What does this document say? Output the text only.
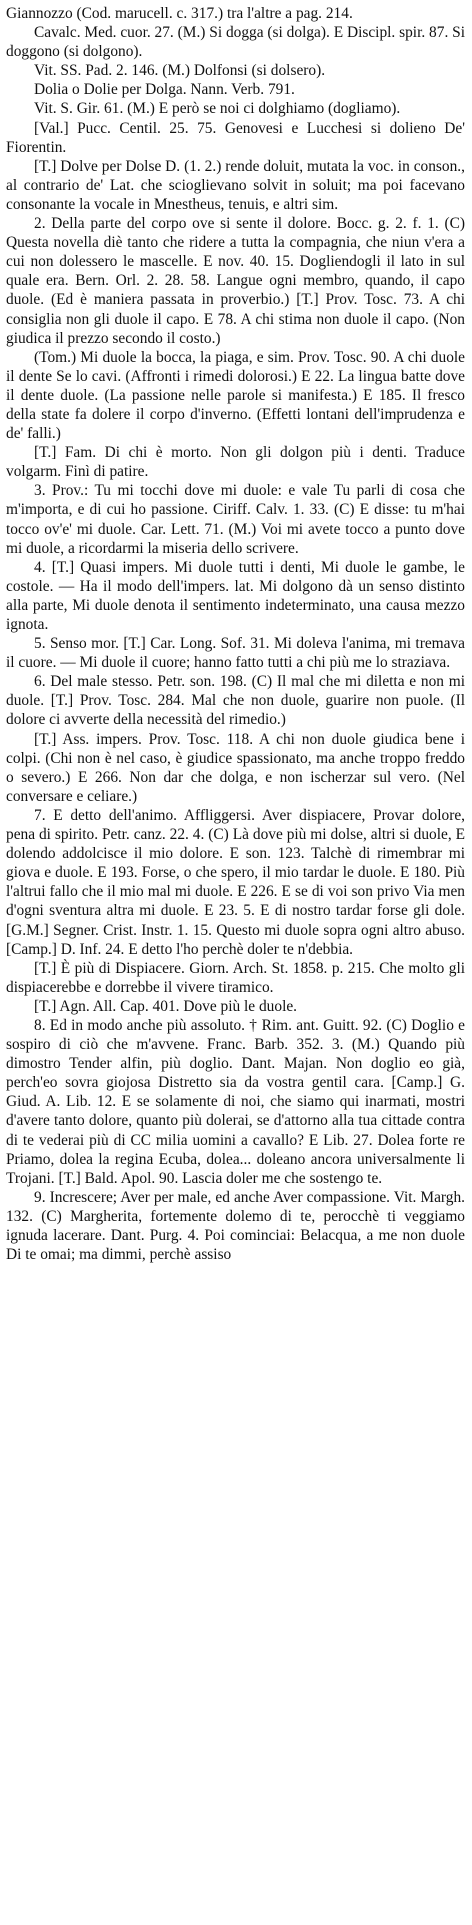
Giannozzo (Cod. marucell. c. 317.) tra l'altre a pag. 214.

Cavalc. Med. cuor. 27. (M.) Si dogga (si dolga). E Discipl. spir. 87. Si doggono (si dolgono).

Vit. SS. Pad. 2. 146. (M.) Dolfonsi (si dolsero).

Dolia o Dolie per Dolga. Nann. Verb. 791.

Vit. S. Gir. 61. (M.) E però se noi ci dolghiamo (dogliamo).

[Val.] Pucc. Centil. 25. 75. Genovesi e Lucchesi si dolieno De' Fiorentin.

[T.] Dolve per Dolse D. (1. 2.) rende doluit, mutata la voc. in conson., al contrario de' Lat. che scioglievano solvit in soluit; ma poi facevano consonante la vocale in Mnestheus, tenuis, e altri sim.

2. Della parte del corpo ove si sente il dolore. Bocc. g. 2. f. 1. (C) Questa novella diè tanto che ridere a tutta la compagnia, che niun v'era a cui non dolessero le mascelle. E nov. 40. 15. Dogliendogli il lato in sul quale era. Bern. Orl. 2. 28. 58. Langue ogni membro, quando, il capo duole. (Ed è maniera passata in proverbio.) [T.] Prov. Tosc. 73. A chi consiglia non gli duole il capo. E 78. A chi stima non duole il capo. (Non giudica il prezzo secondo il costo.)

(Tom.) Mi duole la bocca, la piaga, e sim. Prov. Tosc. 90. A chi duole il dente Se lo cavi. (Affronti i rimedi dolorosi.) E 22. La lingua batte dove il dente duole. (La passione nelle parole si manifesta.) E 185. Il fresco della state fa dolere il corpo d'inverno. (Effetti lontani dell'imprudenza e de' falli.)

[T.] Fam. Di chi è morto. Non gli dolgon più i denti. Traduce volgarm. Finì di patire.

3. Prov.: Tu mi tocchi dove mi duole: e vale Tu parli di cosa che m'importa, e di cui ho passione. Ciriff. Calv. 1. 33. (C) E disse: tu m'hai tocco ov'e' mi duole. Car. Lett. 71. (M.) Voi mi avete tocco a punto dove mi duole, a ricordarmi la miseria dello scrivere.

4. [T.] Quasi impers. Mi duole tutti i denti, Mi duole le gambe, le costole. — Ha il modo dell'impers. lat. Mi dolgono dà un senso distinto alla parte, Mi duole denota il sentimento indeterminato, una causa mezzo ignota.

5. Senso mor. [T.] Car. Long. Sof. 31. Mi doleva l'anima, mi tremava il cuore. — Mi duole il cuore; hanno fatto tutti a chi più me lo straziava.

6. Del male stesso. Petr. son. 198. (C) Il mal che mi diletta e non mi duole. [T.] Prov. Tosc. 284. Mal che non duole, guarire non puole. (Il dolore ci avverte della necessità del rimedio.)

[T.] Ass. impers. Prov. Tosc. 118. A chi non duole giudica bene i colpi. (Chi non è nel caso, è giudice spassionato, ma anche troppo freddo o severo.) E 266. Non dar che dolga, e non ischerzar sul vero. (Nel conversare e celiare.)

7. E detto dell'animo. Affliggersi. Aver dispiacere, Provar dolore, pena di spirito. Petr. canz. 22. 4. (C) Là dove più mi dolse, altri si duole, E dolendo addolcisce il mio dolore. E son. 123. Talchè di rimembrar mi giova e duole. E 193. Forse, o che spero, il mio tardar le duole. E 180. Più l'altrui fallo che il mio mal mi duole. E 226. E se di voi son privo Via men d'ogni sventura altra mi duole. E 23. 5. E di nostro tardar forse gli dole. [G.M.] Segner. Crist. Instr. 1. 15. Questo mi duole sopra ogni altro abuso. [Camp.] D. Inf. 24. E detto l'ho perchè doler te n'debbia.

[T.] È più di Dispiacere. Giorn. Arch. St. 1858. p. 215. Che molto gli dispiacerebbe e dorrebbe il vivere tiramico.

[T.] Agn. All. Cap. 401. Dove più le duole.

8. Ed in modo anche più assoluto. † Rim. ant. Guitt. 92. (C) Doglio e sospiro di ciò che m'avvene. Franc. Barb. 352. 3. (M.) Quando più dimostro Tender alfin, più doglio. Dant. Majan. Non doglio eo già, perch'eo sovra giojosa Distretto sia da vostra gentil cara. [Camp.] G. Giud. A. Lib. 12. E se solamente di noi, che siamo qui inarmati, mostri d'avere tanto dolore, quanto più dolerai, se d'attorno alla tua cittade contra di te vederai più di CC milia uomini a cavallo? E Lib. 27. Dolea forte re Priamo, dolea la regina Ecuba, dolea... doleano ancora universalmente li Trojani. [T.] Bald. Apol. 90. Lascia doler me che sostengo te.

9. Increscere; Aver per male, ed anche Aver compassione. Vit. Margh. 132. (C) Margherita, fortemente dolemo di te, perocchè ti veggiamo ignuda lacerare. Dant. Purg. 4. Poi cominciai: Belacqua, a me non duole Di te omai; ma dimmi, perchè assiso
